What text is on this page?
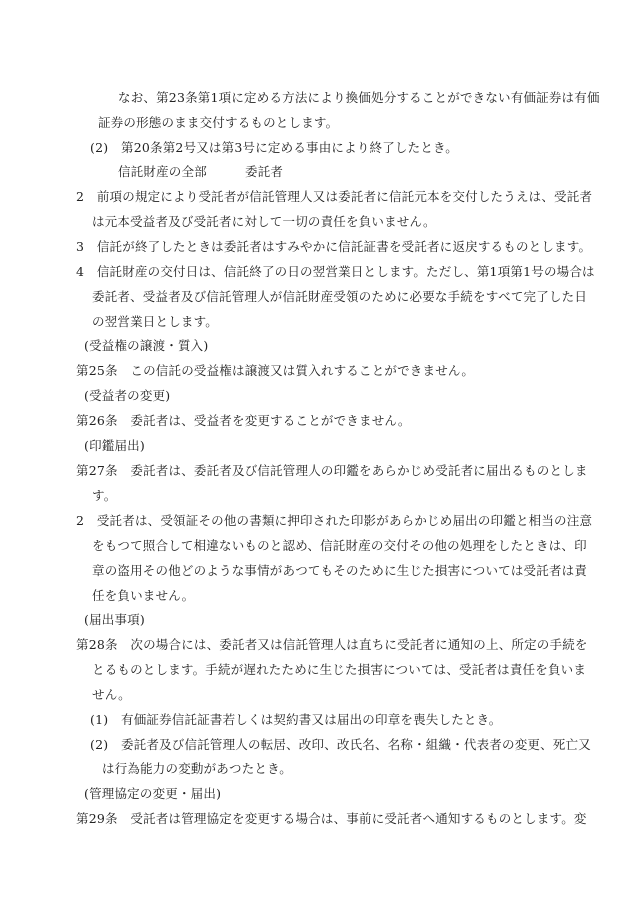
なお、第23条第1項に定める方法により換価処分することができない有価証券は有価
証券の形態のまま交付するものとします。
(2)　第20条第2号又は第3号に定める事由により終了したとき。
信託財産の全部　　　委託者
2　前項の規定により受託者が信託管理人又は委託者に信託元本を交付したうえは、受託者
は元本受益者及び受託者に対して一切の責任を負いません。
3　信託が終了したときは委託者はすみやかに信託証書を受託者に返戻するものとします。
4　信託財産の交付日は、信託終了の日の翌営業日とします。ただし、第1項第1号の場合は
委託者、受益者及び信託管理人が信託財産受領のために必要な手続をすべて完了した日
の翌営業日とします。
(受益権の譲渡・質入)
第25条　この信託の受益権は譲渡又は質入れすることができません。
(受益者の変更)
第26条　委託者は、受益者を変更することができません。
(印鑑届出)
第27条　委託者は、委託者及び信託管理人の印鑑をあらかじめ受託者に届出るものとしま
す。
2　受託者は、受領証その他の書類に押印された印影があらかじめ届出の印鑑と相当の注意
をもつて照合して相違ないものと認め、信託財産の交付その他の処理をしたときは、印
章の盗用その他どのような事情があつてもそのために生じた損害については受託者は責
任を負いません。
(届出事項)
第28条　次の場合には、委託者又は信託管理人は直ちに受託者に通知の上、所定の手続を
とるものとします。手続が遅れたために生じた損害については、受託者は責任を負いま
せん。
(1)　有価証券信託証書若しくは契約書又は届出の印章を喪失したとき。
(2)　委託者及び信託管理人の転居、改印、改氏名、名称・組織・代表者の変更、死亡又
は行為能力の変動があつたとき。
(管理協定の変更・届出)
第29条　受託者は管理協定を変更する場合は、事前に受託者へ通知するものとします。変
